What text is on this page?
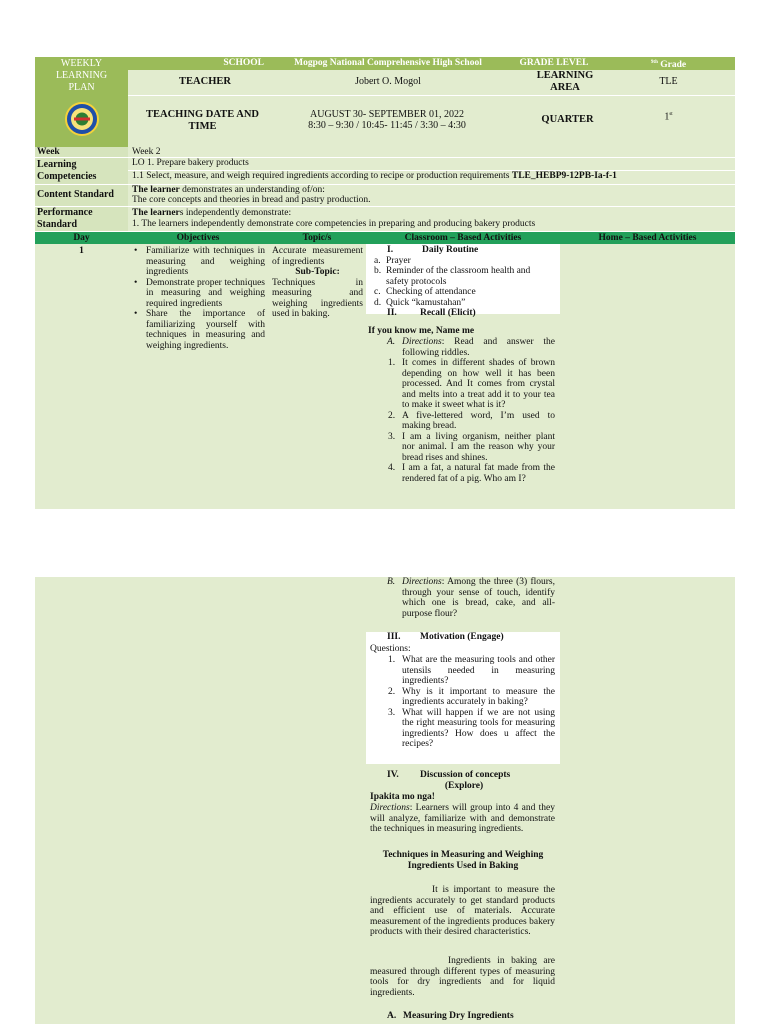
WEEKLY LEARNING PLAN
SCHOOL	Mogpog National Comprehensive High School	GRADE LEVEL	$^{9th}$ Grade
TEACHER	Jobert O. Mogol
LEARNING AREA
TLE
TEACHING DATE AND TIME
AUGUST 30- SEPTEMBER 01, 2022
8:30 – 9:30 / 10:45- 11:45 / 3:30 – 4:30
QUARTER	1st
Week	Week 2
Learning Competencies
LO 1. Prepare bakery products
1.1 Select, measure, and weigh required ingredients according to recipe or production requirements TLE_HEBP9-12PB-Ia-f-1
Content Standard The learner demonstrates an understanding of/on:
The core concepts and theories in bread and pastry production.
Performance Standard
The learners independently demonstrate:
1. The learners independently demonstrate core competencies in preparing and producing bakery products
Day	Objectives	Topic/s	Classroom – Based Activities	Home – Based Activities
1
•	Familiarize with techniques in measuring and weighing ingredients
• Demonstrate proper techniques in measuring and weighing required ingredients
• Share the importance of familiarizing yourself with techniques in measuring and weighing ingredients.
Accurate measurement of ingredients
Sub-Topic:
Techniques in measuring and weighing ingredients used in baking.
I.	Daily Routine
a. Prayer
b. Reminder of the classroom health and safety protocols
c. Checking of attendance
d. Quick “kamustahan”
II. Recall (Elicit)
If you know me, Name me
A. Directions: Read and answer the following riddles.
1. It comes in different shades of brown depending on how well it has been processed. And It comes from crystal and melts into a treat add it to your tea to make it sweet what is it?
2. A five-lettered word, I’m used to making bread.
3. I am a living organism, neither plant nor animal. I am the reason why your bread rises and shines.
4. I am a fat, a natural fat made from the rendered fat of a pig. Who am I?
B. Directions: Among the three (3) flours, through your sense of touch, identify which one is bread, cake, and all-purpose flour?
III. Motivation (Engage)
Questions:
1. What are the measuring tools and other utensils needed in measuring ingredients?
2. Why is it important to measure the ingredients accurately in baking?
3. What will happen if we are not using the right measuring tools for measuring ingredients? How does u affect the recipes?
IV. Discussion of concepts
(Explore)
Ipakita mo nga!
Directions: Learners will group into 4 and they will analyze, familiarize with and demonstrate the techniques in measuring ingredients.
Techniques in Measuring and Weighing Ingredients Used in Baking
It is important to measure the ingredients accurately to get standard products and efficient use of materials. Accurate measurement of the ingredients produces bakery products with their desired characteristics.
Ingredients in baking are measured through different types of measuring tools for dry ingredients and for liquid ingredients.
A. Measuring Dry Ingredients
